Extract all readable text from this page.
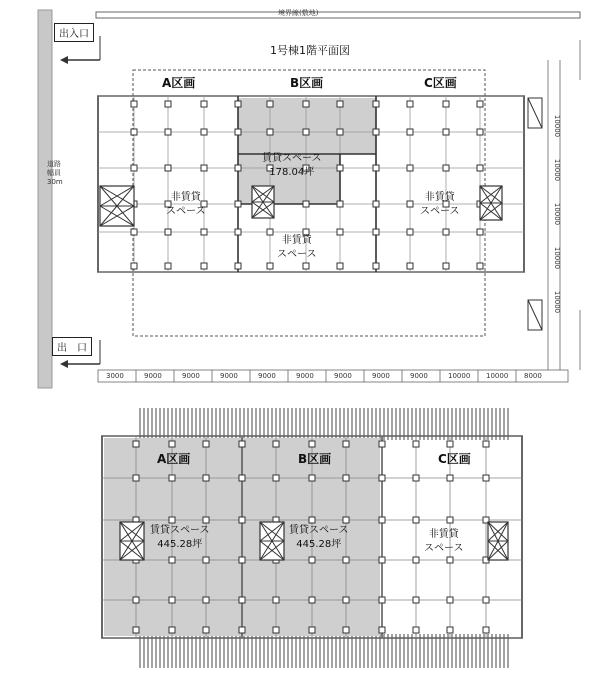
境界線(敷地)
1号棟1階平面図
出入口
出　口
道路
幅員
30m
A区画	B区画	C区画
賃貸スペース
178.04坪
非賃貸
スペース
非賃貸
スペース
非賃貸
スペース
3000	9000	9000	9000	9000	9000	9000	9000	9000	10000 10000 8000
10000
10000
10000
10000
10000
A区画	B区画	C区画
賃貸スペース
445.28坪
賃貸スペース
445.28坪
非賃貸
スペース
